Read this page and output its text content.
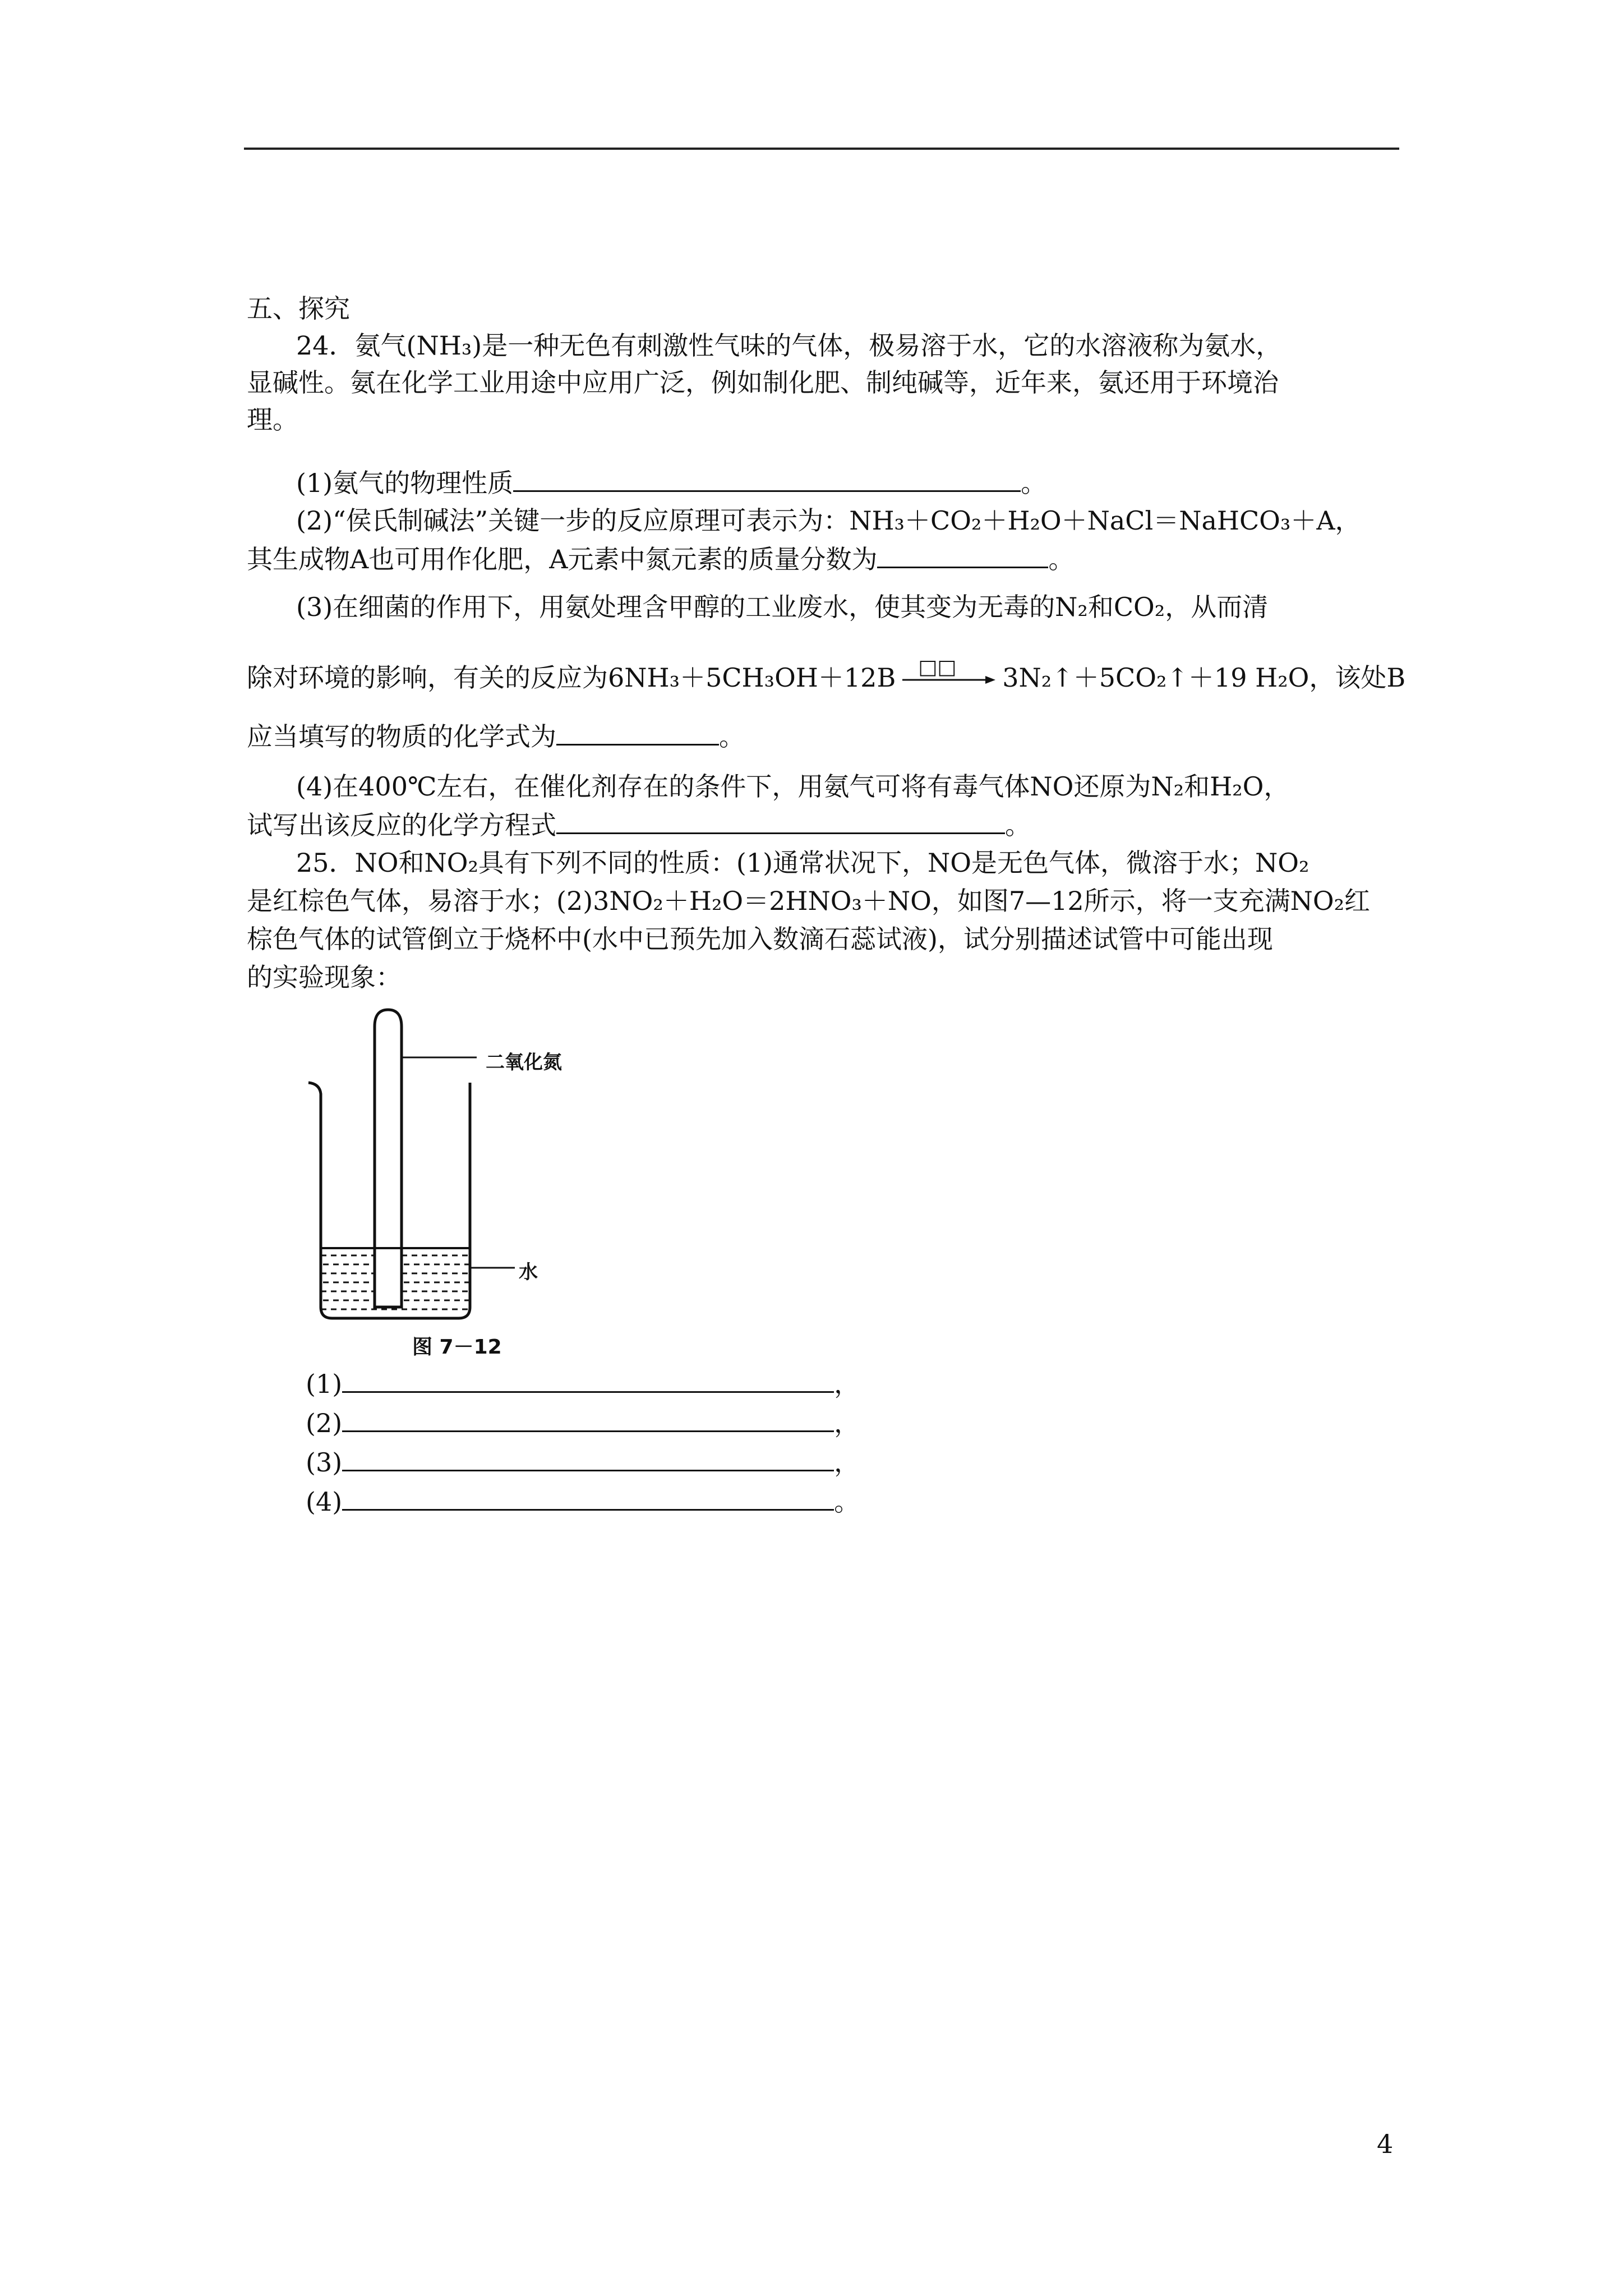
五、探究
24．氨气(NH₃)是一种无色有刺激性气味的气体，极易溶于水，它的水溶液称为氨水，
显碱性。氨在化学工业用途中应用广泛，例如制化肥、制纯碱等，近年来，氨还用于环境治
理。
(1)氨气的物理性质	。
(2)“侯氏制碱法”关键一步的反应原理可表示为：NH₃＋CO₂＋H₂O＋NaCl＝NaHCO₃＋A，
其生成物A也可用作化肥，A元素中氮元素的质量分数为	。
(3)在细菌的作用下，用氨处理含甲醇的工业废水，使其变为无毒的N₂和CO₂，从而清
除对环境的影响，有关的反应为6NH₃＋5CH₃OH＋12B □□ 3N₂↑＋5CO₂↑＋19 H₂O，该处B
应当填写的物质的化学式为	。
(4)在400℃左右，在催化剂存在的条件下，用氨气可将有毒气体NO还原为N₂和H₂O，
试写出该反应的化学方程式	。
25．NO和NO₂具有下列不同的性质：(1)通常状况下，NO是无色气体，微溶于水；NO₂
是红棕色气体，易溶于水；(2)3NO₂＋H₂O＝2HNO₃＋NO，如图7—12所示，将一支充满NO₂红
棕色气体的试管倒立于烧杯中(水中已预先加入数滴石蕊试液)，试分别描述试管中可能出现
的实验现象：
二氧化氮
水
图 7－12
(1)	，
(2)	，
(3)	，
(4)	。
4
